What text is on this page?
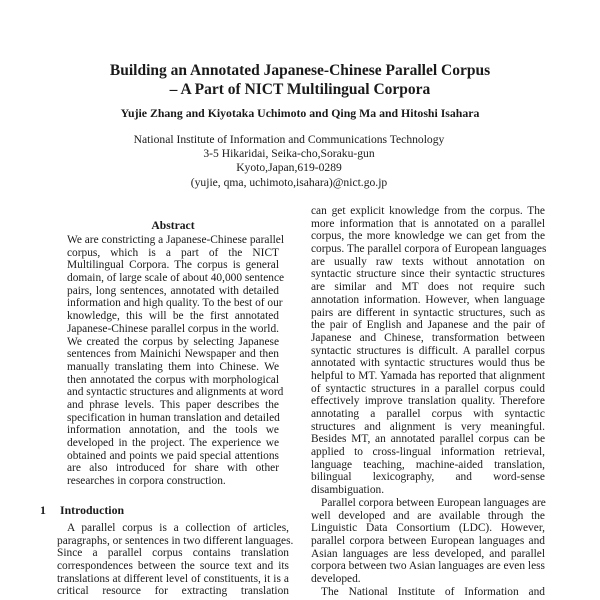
Building an Annotated Japanese-Chinese Parallel Corpus
– A Part of NICT Multilingual Corpora
Yujie Zhang and Kiyotaka Uchimoto and Qing Ma and Hitoshi Isahara
National Institute of Information and Communications Technology
3-5 Hikaridai, Seika-cho,Soraku-gun
Kyoto,Japan,619-0289
(yujie, qma, uchimoto,isahara)@nict.go.jp
Abstract
We are constricting a Japanese-Chinese parallel
corpus, which is a part of the NICT
Multilingual Corpora. The corpus is general
domain, of large scale of about 40,000 sentence
pairs, long sentences, annotated with detailed
information and high quality. To the best of our
knowledge, this will be the first annotated
Japanese-Chinese parallel corpus in the world.
We created the corpus by selecting Japanese
sentences from Mainichi Newspaper and then
manually translating them into Chinese. We
then annotated the corpus with morphological
and syntactic structures and alignments at word
and phrase levels. This paper describes the
specification in human translation and detailed
information annotation, and the tools we
developed in the project. The experience we
obtained and points we paid special attentions
are also introduced for share with other
researches in corpora construction.
1 Introduction
A parallel corpus is a collection of articles,
paragraphs, or sentences in two different languages.
Since a parallel corpus contains translation
correspondences between the source text and its
translations at different level of constituents, it is a
critical resource for extracting translation
can get explicit knowledge from the corpus. The
more information that is annotated on a parallel
corpus, the more knowledge we can get from the
corpus. The parallel corpora of European languages
are usually raw texts without annotation on
syntactic structure since their syntactic structures
are similar and MT does not require such
annotation information. However, when language
pairs are different in syntactic structures, such as
the pair of English and Japanese and the pair of
Japanese and Chinese, transformation between
syntactic structures is difficult. A parallel corpus
annotated with syntactic structures would thus be
helpful to MT. Yamada has reported that alignment
of syntactic structures in a parallel corpus could
effectively improve translation quality. Therefore
annotating a parallel corpus with syntactic
structures and alignment is very meaningful.
Besides MT, an annotated parallel corpus can be
applied to cross-lingual information retrieval,
language teaching, machine-aided translation,
bilingual lexicography, and word-sense
disambiguation.
Parallel corpora between European languages are
well developed and are available through the
Linguistic Data Consortium (LDC). However,
parallel corpora between European languages and
Asian languages are less developed, and parallel
corpora between two Asian languages are even less
developed.
The National Institute of Information and
